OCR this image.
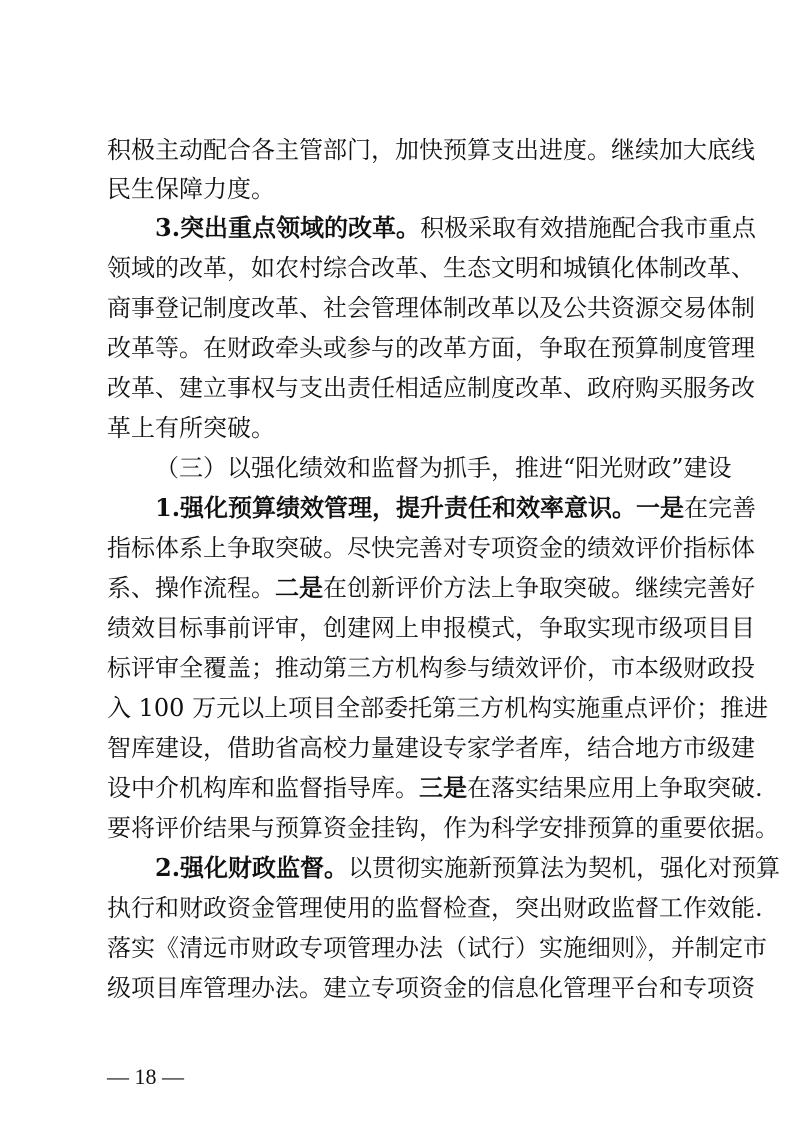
积极主动配合各主管部门，加快预算支出进度。继续加大底线
民生保障力度。
3.突出重点领域的改革。积极采取有效措施配合我市重点
领域的改革，如农村综合改革、生态文明和城镇化体制改革、
商事登记制度改革、社会管理体制改革以及公共资源交易体制
改革等。在财政牵头或参与的改革方面，争取在预算制度管理
改革、建立事权与支出责任相适应制度改革、政府购买服务改
革上有所突破。
（三）以强化绩效和监督为抓手，推进“阳光财政”建设
1.强化预算绩效管理，提升责任和效率意识。一是在完善
指标体系上争取突破。尽快完善对专项资金的绩效评价指标体
系、操作流程。二是在创新评价方法上争取突破。继续完善好
绩效目标事前评审，创建网上申报模式，争取实现市级项目目
标评审全覆盖；推动第三方机构参与绩效评价，市本级财政投
入 100 万元以上项目全部委托第三方机构实施重点评价；推进
智库建设，借助省高校力量建设专家学者库，结合地方市级建
设中介机构库和监督指导库。三是在落实结果应用上争取突破.
要将评价结果与预算资金挂钩，作为科学安排预算的重要依据。
2.强化财政监督。以贯彻实施新预算法为契机，强化对预算
执行和财政资金管理使用的监督检查，突出财政监督工作效能.
落实《清远市财政专项管理办法（试行）实施细则》，并制定市
级项目库管理办法。建立专项资金的信息化管理平台和专项资
— 18 —
